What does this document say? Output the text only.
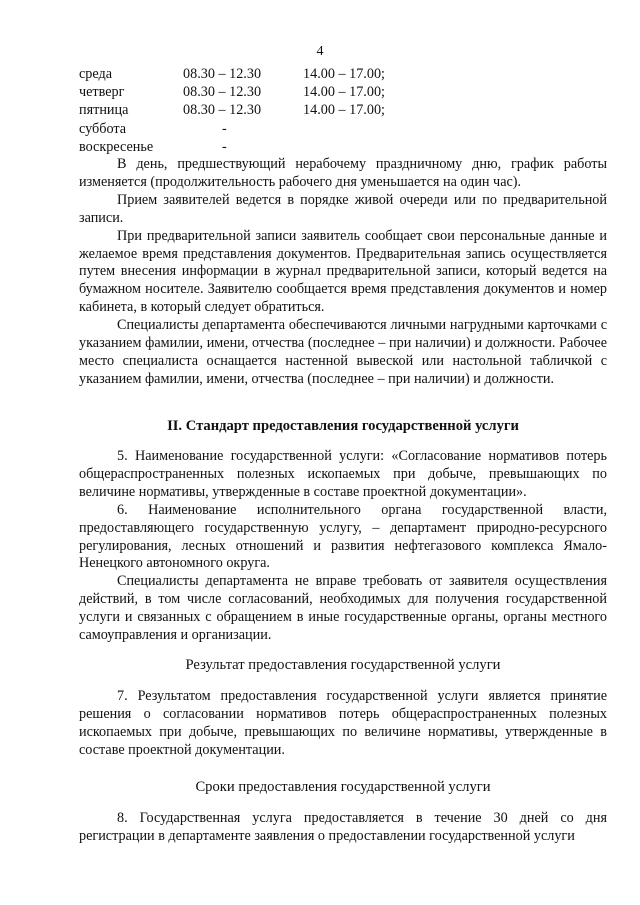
4
среда	08.30 – 12.30	14.00 – 17.00;
четверг	08.30 – 12.30	14.00 – 17.00;
пятница	08.30 – 12.30	14.00 – 17.00;
суббота	-
воскресенье	-

В день, предшествующий нерабочему праздничному дню, график работы изменяется (продолжительность рабочего дня уменьшается на один час).

Прием заявителей ведется в порядке живой очереди или по предварительной записи.

При предварительной записи заявитель сообщает свои персональные данные и желаемое время представления документов. Предварительная запись осуществляется путем внесения информации в журнал предварительной записи, который ведется на бумажном носителе. Заявителю сообщается время представления документов и номер кабинета, в который следует обратиться.

Специалисты департамента обеспечиваются личными нагрудными карточками с указанием фамилии, имени, отчества (последнее – при наличии) и должности. Рабочее место специалиста оснащается настенной вывеской или настольной табличкой с указанием фамилии, имени, отчества (последнее – при наличии) и должности.

II. Стандарт предоставления государственной услуги

5. Наименование государственной услуги: «Согласование нормативов потерь общераспространенных полезных ископаемых при добыче, превышающих по величине нормативы, утвержденные в составе проектной документации».

6. Наименование исполнительного органа государственной власти, предоставляющего государственную услугу, – департамент природно-ресурсного регулирования, лесных отношений и развития нефтегазового комплекса Ямало-Ненецкого автономного округа.

Специалисты департамента не вправе требовать от заявителя осуществления действий, в том числе согласований, необходимых для получения государственной услуги и связанных с обращением в иные государственные органы, органы местного самоуправления и организации.

Результат предоставления государственной услуги

7. Результатом предоставления государственной услуги является принятие решения о согласовании нормативов потерь общераспространенных полезных ископаемых при добыче, превышающих по величине нормативы, утвержденные в составе проектной документации.

Сроки предоставления государственной услуги

8. Государственная услуга предоставляется в течение 30 дней со дня регистрации в департаменте заявления о предоставлении государственной услуги
